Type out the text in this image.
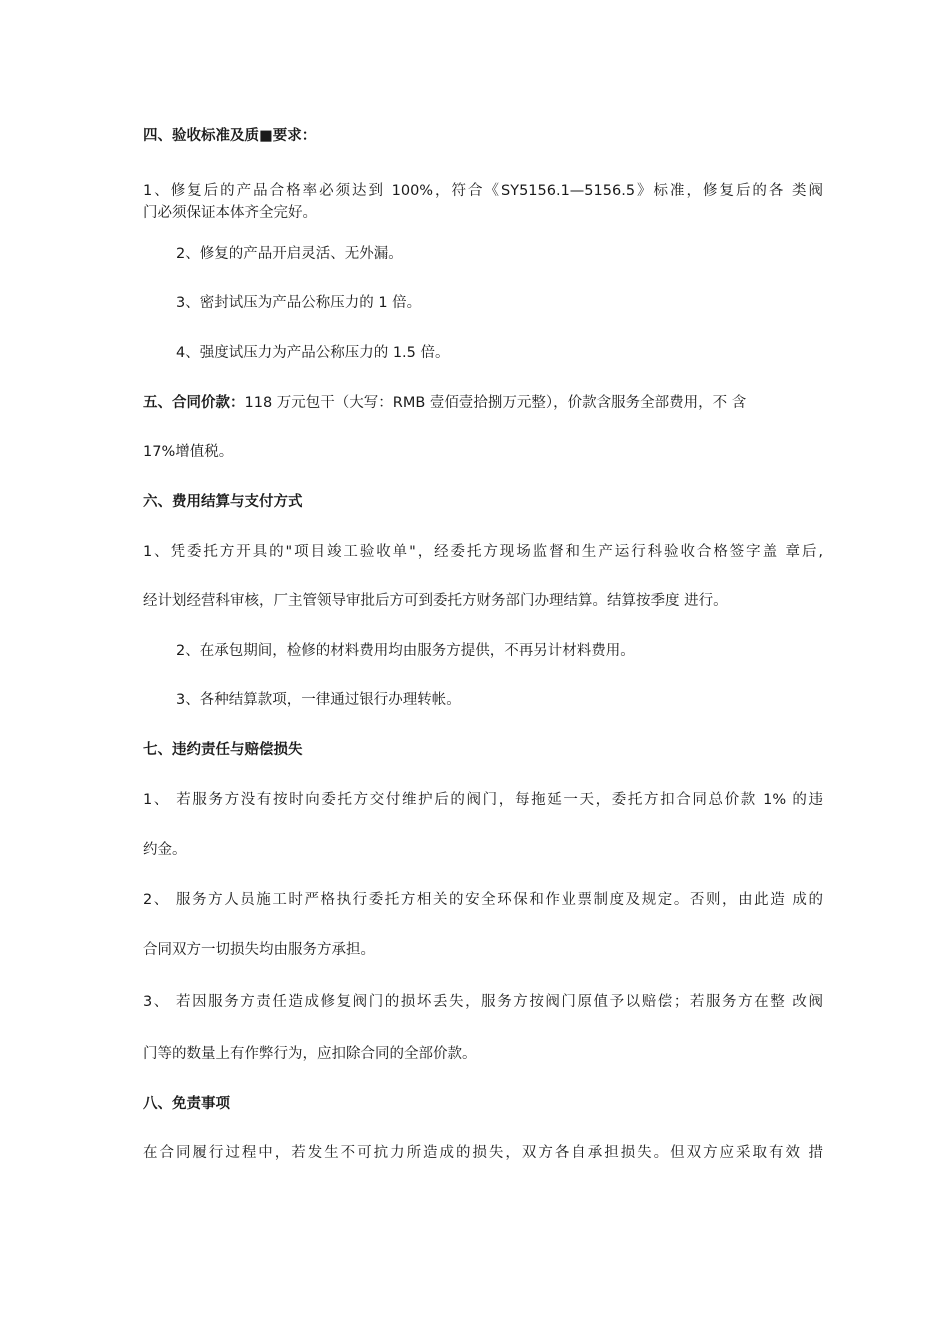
四、验收标准及质■要求：
1、修复后的产品合格率必须达到 100%，符合《SY5156.1—5156.5》标准，修复后的各 类阀
门必须保证本体齐全完好。
2、修复的产品开启灵活、无外漏。
3、密封试压为产品公称压力的 1 倍。
4、强度试压力为产品公称压力的 1.5 倍。
五、合同价款：118 万元包干（大写：RMB 壹佰壹拾捌万元整），价款含服务全部费用，不 含
17%增值税。
六、费用结算与支付方式
1、凭委托方开具的"项目竣工验收单"，经委托方现场监督和生产运行科验收合格签字盖 章后,
经计划经营科审核，厂主管领导审批后方可到委托方财务部门办理结算。结算按季度 进行。
2、在承包期间，检修的材料费用均由服务方提供，不再另计材料费用。
3、各种结算款项，一律通过银行办理转帐。
七、违约责任与赔偿损失
1、 若服务方没有按时向委托方交付维护后的阀门，每拖延一天，委托方扣合同总价款 1% 的违
约金。
2、 服务方人员施工时严格执行委托方相关的安全环保和作业票制度及规定。否则，由此造 成的
合同双方一切损失均由服务方承担。
3、 若因服务方责任造成修复阀门的损坏丢失，服务方按阀门原值予以赔偿；若服务方在整 改阀
门等的数量上有作弊行为，应扣除合同的全部价款。
八、免责事项
在合同履行过程中，若发生不可抗力所造成的损失，双方各自承担损失。但双方应采取有效 措
